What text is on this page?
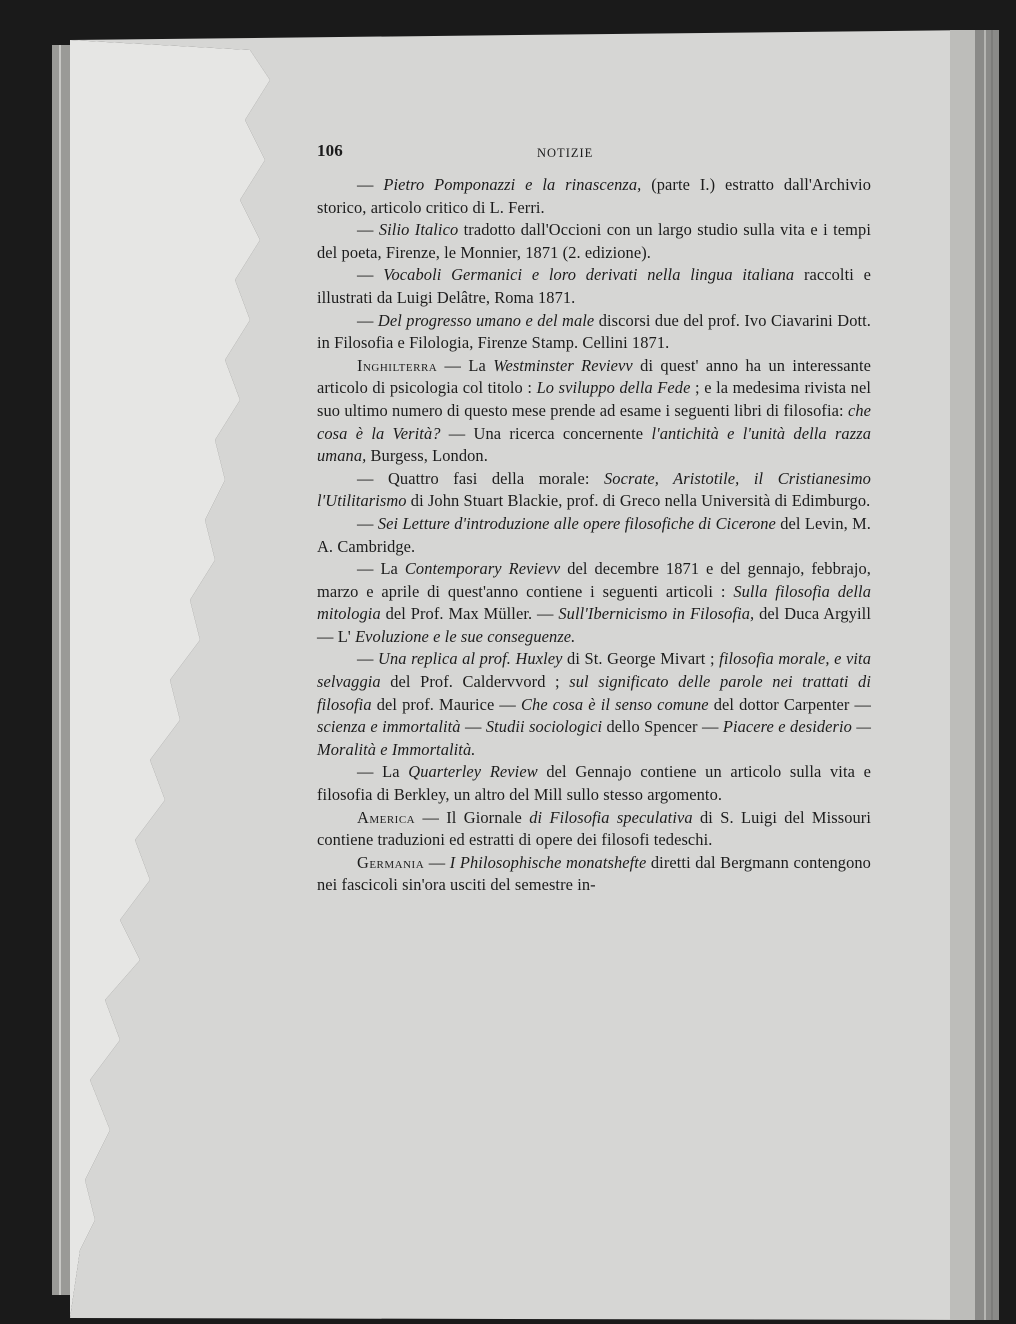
106	NOTIZIE

— Pietro Pomponazzi e la rinascenza, (parte I.) estratto dall'Archivio storico, articolo critico di L. Ferri.

— Silio Italico tradotto dall'Occioni con un largo studio sulla vita e i tempi del poeta, Firenze, le Monnier, 1871 (2. edizione).

— Vocaboli Germanici e loro derivati nella lingua italiana raccolti e illustrati da Luigi Delâtre, Roma 1871.

— Del progresso umano e del male discorsi due del prof. Ivo Ciavarini Dott. in Filosofia e Filologia, Firenze Stamp. Cellini 1871.

Inghilterra — La Westminster Revievv di quest' anno ha un interessante articolo di psicologia col titolo : Lo sviluppo della Fede ; e la medesima rivista nel suo ultimo numero di questo mese prende ad esame i seguenti libri di filosofia: che cosa è la Verità? — Una ricerca concernente l'antichità e l'unità della razza umana, Burgess, London.

— Quattro fasi della morale: Socrate, Aristotile, il Cristianesimo l'Utilitarismo di John Stuart Blackie, prof. di Greco nella Università di Edimburgo.

— Sei Letture d'introduzione alle opere filosofiche di Cicerone del Levin, M. A. Cambridge.

— La Contemporary Revievv del decembre 1871 e del gennajo, febbrajo, marzo e aprile di quest'anno contiene i seguenti articoli : Sulla filosofia della mitologia del Prof. Max Müller. — Sull'Ibernicismo in Filosofia, del Duca Argyill — L' Evoluzione e le sue conseguenze.

— Una replica al prof. Huxley di St. George Mivart ; filosofia morale, e vita selvaggia del Prof. Caldervvord ; sul significato delle parole nei trattati di filosofia del prof. Maurice — Che cosa è il senso comune del dottor Carpenter — scienza e immortalità — Studii sociologici dello Spencer — Piacere e desiderio — Moralità e Immortalità.

— La Quarterley Review del Gennajo contiene un articolo sulla vita e filosofia di Berkley, un altro del Mill sullo stesso argomento.

America — Il Giornale di Filosofia speculativa di S. Luigi del Missouri contiene traduzioni ed estratti di opere dei filosofi tedeschi.

Germania — I Philosophische monatshefte diretti dal Bergmann contengono nei fascicoli sin'ora usciti del semestre in-
